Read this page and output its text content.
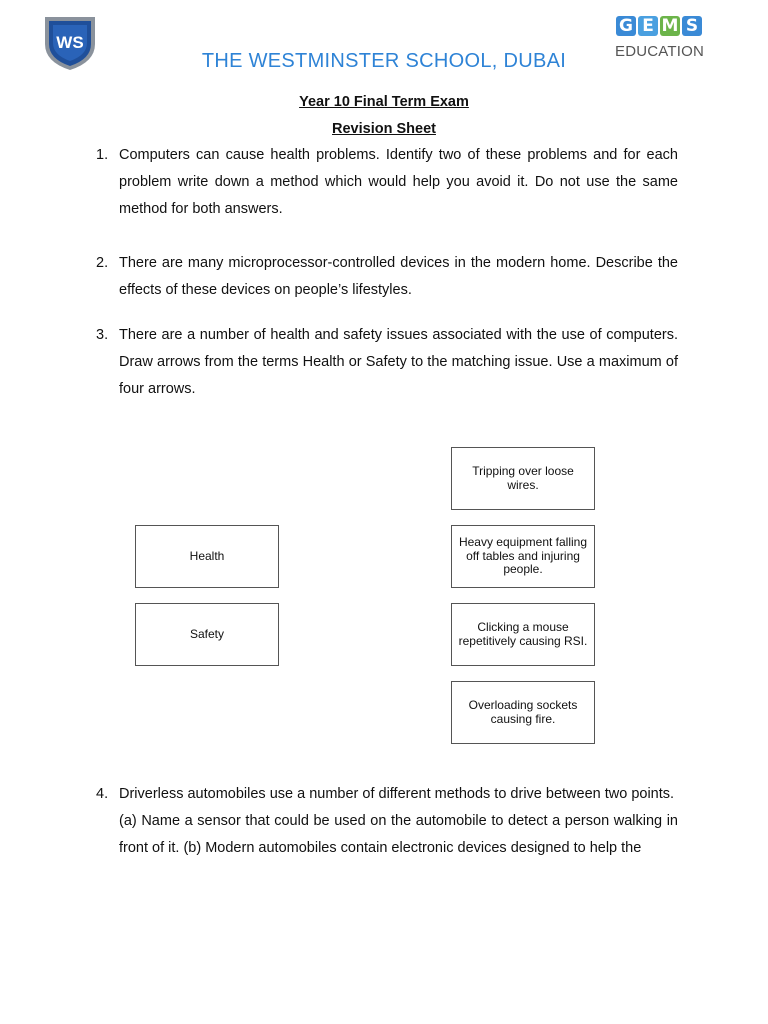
WS
THE WESTMINSTER SCHOOL, DUBAI
G E M S
EDUCATION
Year 10 Final Term Exam
Revision Sheet
1. Computers can cause health problems. Identify two of these problems and for each problem write down a method which would help you avoid it. Do not use the same method for both answers.
2. There are many microprocessor-controlled devices in the modern home. Describe the effects of these devices on people’s lifestyles.
3. There are a number of health and safety issues associated with the use of computers. Draw arrows from the terms Health or Safety to the matching issue. Use a maximum of four arrows.
Health
Safety
Tripping over loose wires.
Heavy equipment falling off tables and injuring people.
Clicking a mouse repetitively causing RSI.
Overloading sockets causing fire.
4. Driverless automobiles use a number of different methods to drive between two points.
(a) Name a sensor that could be used on the automobile to detect a person walking in front of it. (b) Modern automobiles contain electronic devices designed to help the
